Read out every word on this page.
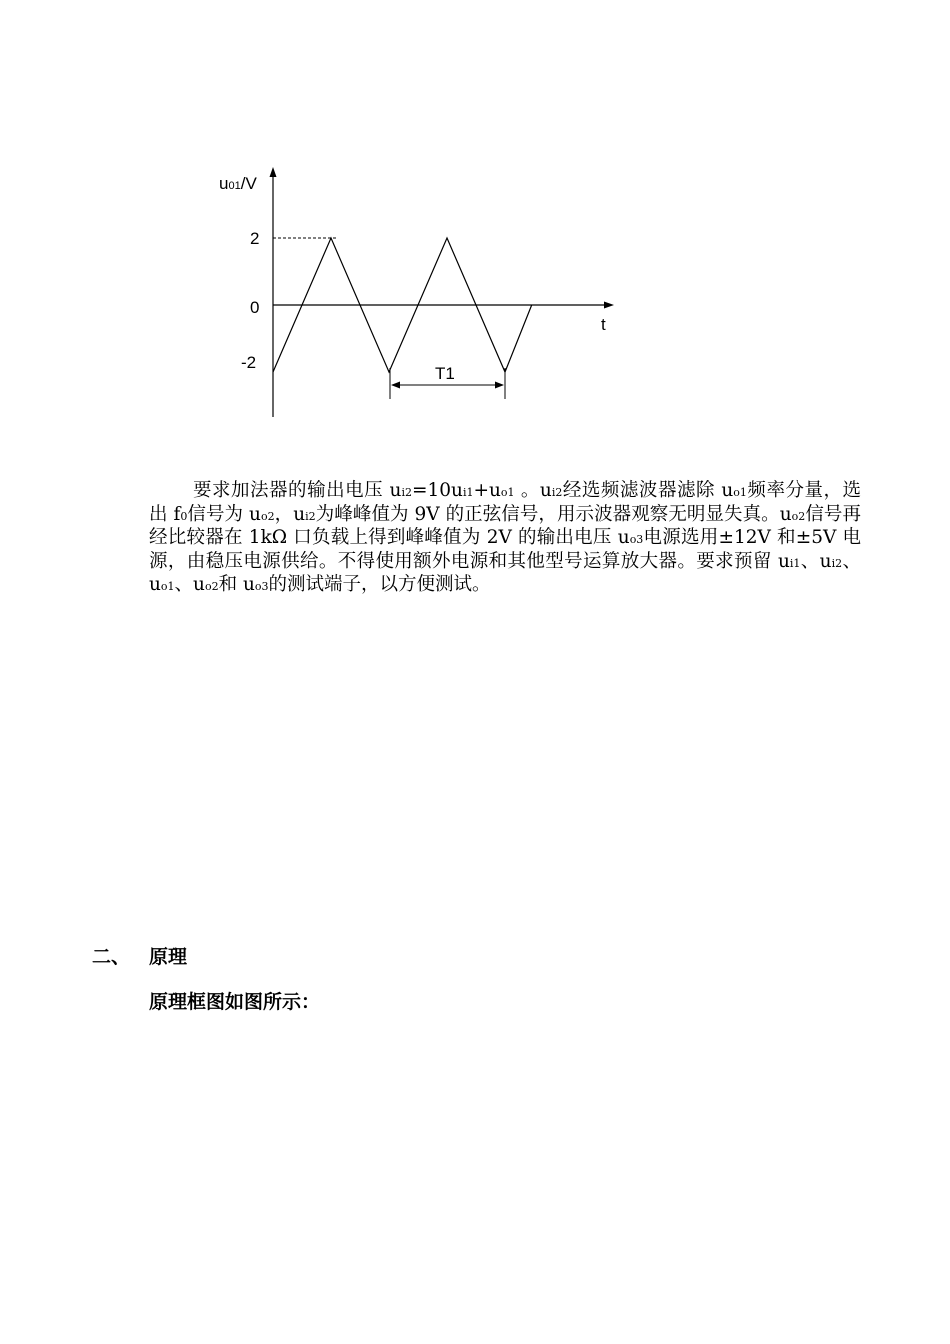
u01/V
t
2
0
-2
T1

要求加法器的输出电压 ui2=10ui1+uo1 。ui2经选频滤波器滤除 uo1频率分量，选出 f0信号为 uo2，ui2为峰峰值为 9V 的正弦信号，用示波器观察无明显失真。uo2信号再经比较器在 1kΩ 口负载上得到峰峰值为 2V 的输出电压 uo3电源选用±12V 和±5V 电源，由稳压电源供给。不得使用额外电源和其他型号运算放大器。要求预留 ui1、ui2、uo1、uo2和 uo3的测试端子，以方便测试。

二、 原理

原理框图如图所示：
